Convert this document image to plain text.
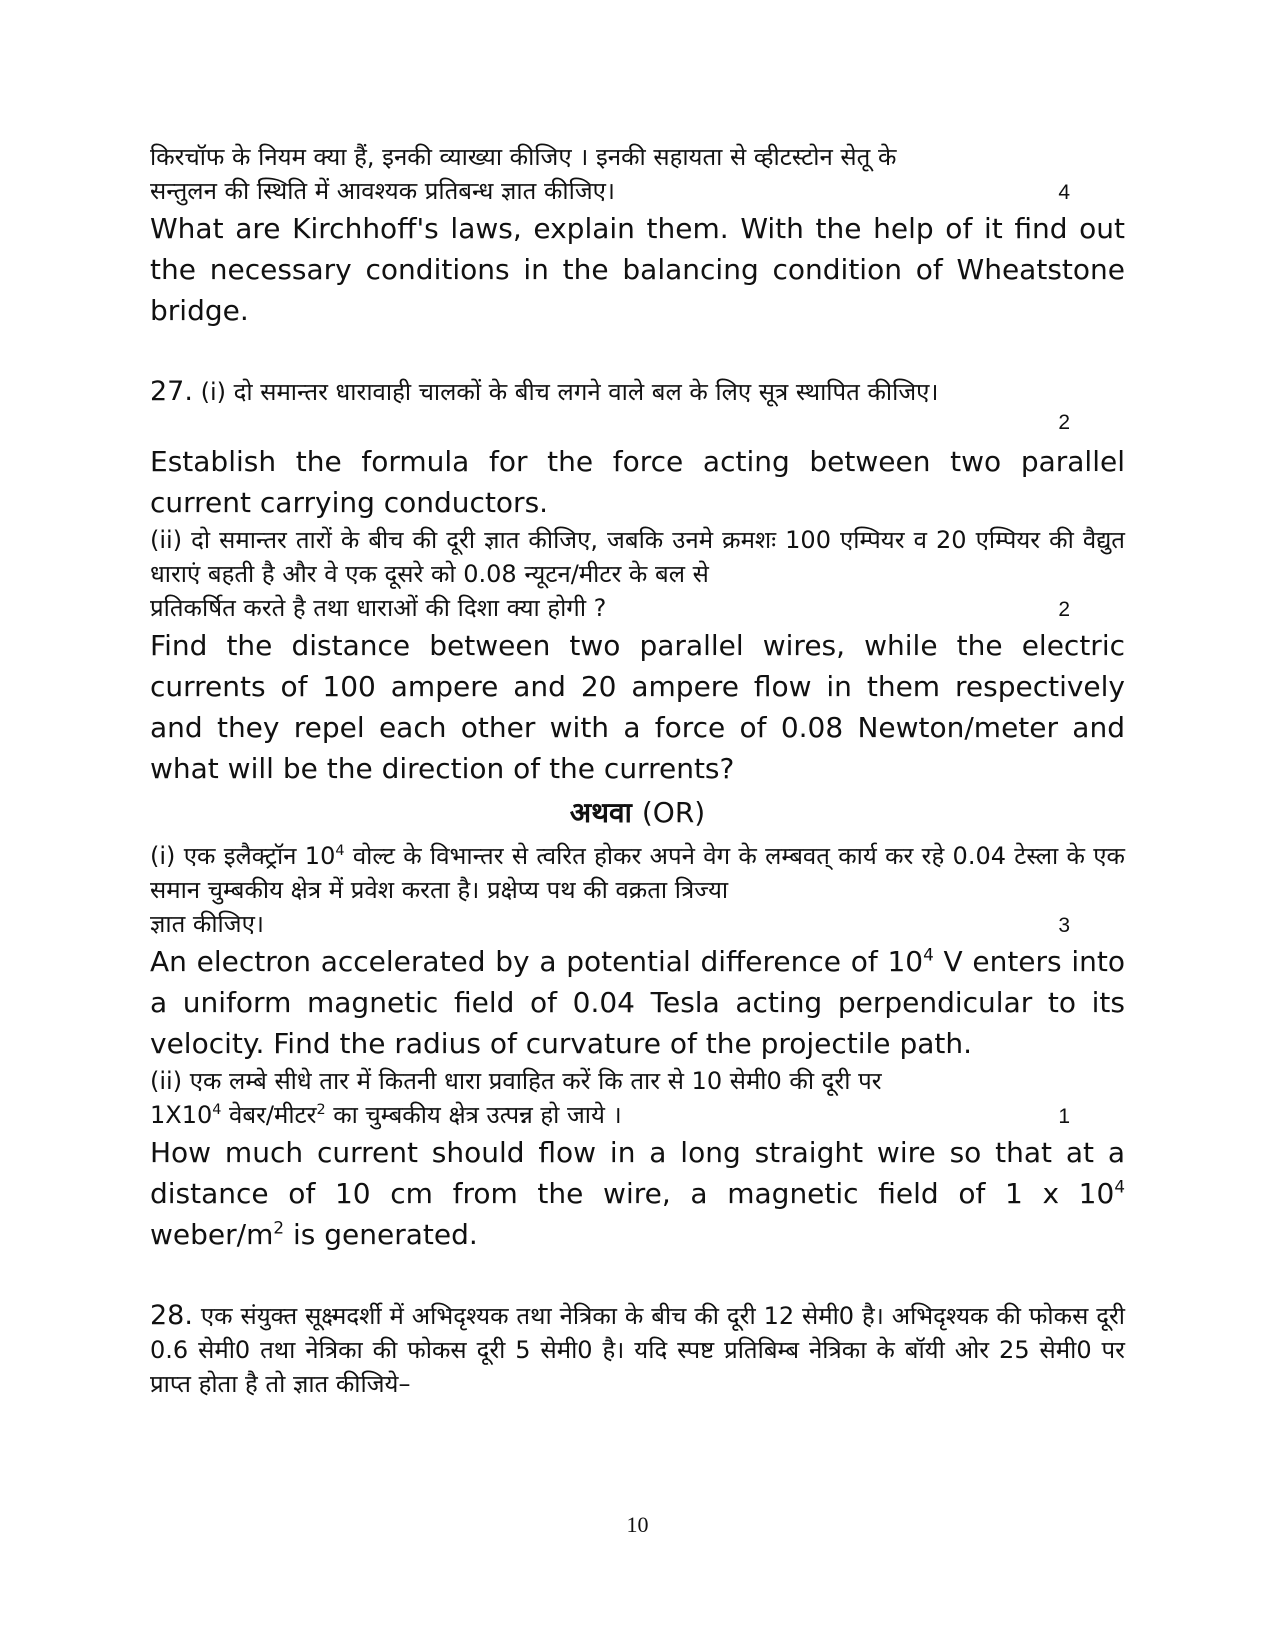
किरचॉफ के नियम क्या हैं, इनकी व्याख्या कीजिए । इनकी सहायता से व्हीटस्टोन सेतू के

सन्तुलन की स्थिति में आवश्यक प्रतिबन्ध ज्ञात कीजिए।	4

What are Kirchhoff's laws, explain them. With the help of it find out the necessary conditions in the balancing condition of Wheatstone bridge.

27. (i) दो समान्तर धारावाही चालकों के बीच लगने वाले बल के लिए सूत्र स्थापित कीजिए।

2

Establish the formula for the force acting between two parallel current carrying conductors.

(ii) दो समान्तर तारों के बीच की दूरी ज्ञात कीजिए, जबकि उनमे क्रमशः 100 एम्पियर व 20 एम्पियर की वैद्युत धाराएं बहती है और वे एक दूसरे को 0.08 न्यूटन/मीटर के बल से

प्रतिकर्षित करते है तथा धाराओं की दिशा क्या होगी ?	2

Find the distance between two parallel wires, while the electric currents of 100 ampere and 20 ampere flow in them respectively and they repel each other with a force of 0.08 Newton/meter and what will be the direction of the currents?

अथवा (OR)

(i) एक इलैक्ट्रॉन $10^4$ वोल्ट के विभान्तर से त्वरित होकर अपने वेग के लम्बवत् कार्य कर रहे 0.04 टेस्ला के एक समान चुम्बकीय क्षेत्र में प्रवेश करता है। प्रक्षेप्य पथ की वक्रता त्रिज्या

ज्ञात कीजिए।	3

An electron accelerated by a potential difference of $10^4$ V enters into a uniform magnetic field of 0.04 Tesla acting perpendicular to its velocity. Find the radius of curvature of the projectile path.

(ii) एक लम्बे सीधे तार में कितनी धारा प्रवाहित करें कि तार से 10 सेमी0 की दूरी पर

$1X10^4$ वेबर/मीटर$^2$ का चुम्बकीय क्षेत्र उत्पन्न हो जाये ।	1

How much current should flow in a long straight wire so that at a distance of 10 cm from the wire, a magnetic field of 1 x $10^4$ weber/$m^2$ is generated.

28. एक संयुक्त सूक्ष्मदर्शी में अभिदृश्यक तथा नेत्रिका के बीच की दूरी 12 सेमी0 है। अभिदृश्यक की फोकस दूरी 0.6 सेमी0 तथा नेत्रिका की फोकस दूरी 5 सेमी0 है। यदि स्पष्ट प्रतिबिम्ब नेत्रिका के बॉयी ओर 25 सेमी0 पर प्राप्त होता है तो ज्ञात कीजिये–

10
